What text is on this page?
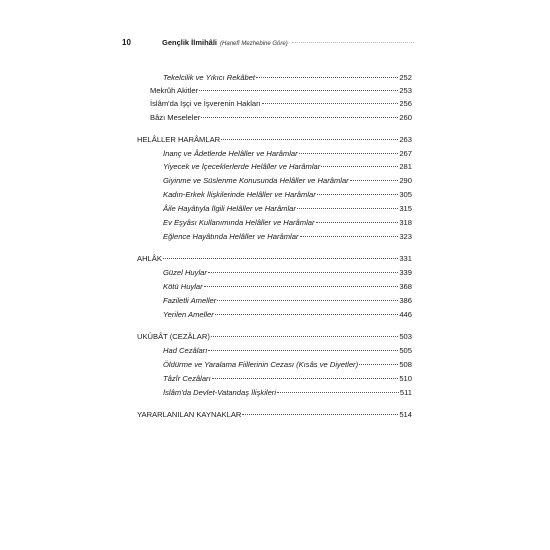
10	Gençlik İlmihâli (Hanefî Mezhebine Göre)
Tekelcilik ve Yıkıcı Rekâbet	252
Mekrûh Akitler	253
İslâm'da İşçi ve İşverenin Hakları	256
Bâzı Meseleler	260
HELÂLLER HARÂMLAR	263
İnanç ve Âdetlerde Helâller ve Harâmlar	267
Yiyecek ve İçeceklerlerde Helâller ve Harâmlar	281
Giyinme ve Süslenme Konusunda Helâller ve Harâmlar	290
Kadın-Erkek İlişkilerinde Helâller ve Harâmlar	305
Âile Hayâtıyla İlgili Helâller ve Harâmlar	315
Ev Eşyâsı Kullanımında Helâller ve Harâmlar	318
Eğlence Hayâtında Helâller ve Harâmlar	323
AHLÂK	331
Güzel Huylar	339
Kötü Huylar	368
Faziletli Ameller	386
Yerilen Ameller	446
UKÛBÂT (CEZÂLAR)	503
Had Cezâları	505
Öldürme ve Yaralama Fiillerinin Cezası (Kısâs ve Diyetler)	508
Tâzîr Cezâları	510
İslâm'da Devlet-Vatandaş İlişkileri	511
YARARLANILAN KAYNAKLAR	514
